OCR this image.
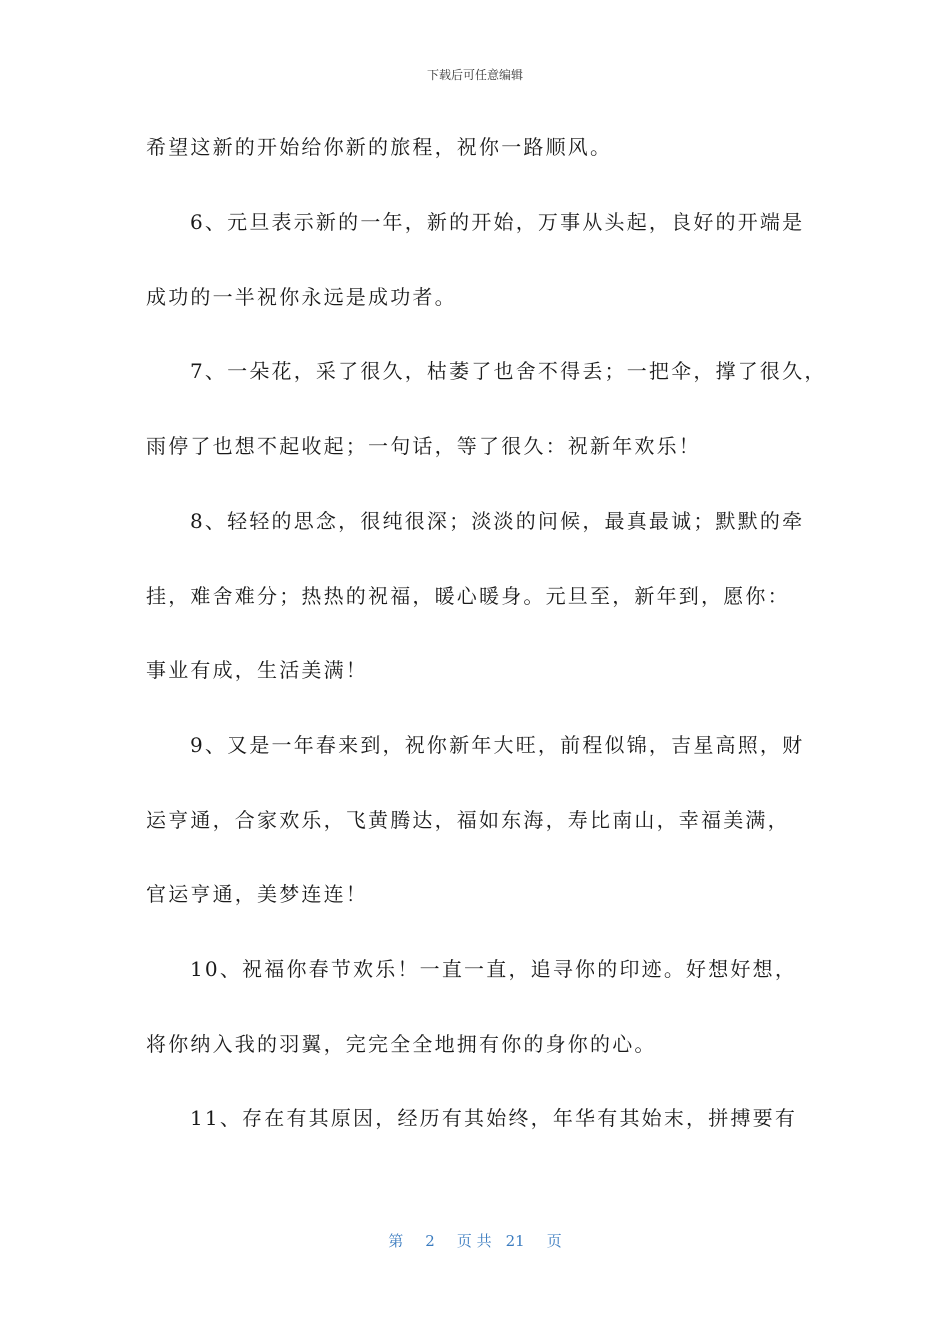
下载后可任意编辑
希望这新的开始给你新的旅程，祝你一路顺风。
6、元旦表示新的一年，新的开始，万事从头起，良好的开端是
成功的一半祝你永远是成功者。
7、一朵花，采了很久，枯萎了也舍不得丢；一把伞，撑了很久，
雨停了也想不起收起；一句话，等了很久：祝新年欢乐！
8、轻轻的思念，很纯很深；淡淡的问候，最真最诚；默默的牵
挂，难舍难分；热热的祝福，暖心暖身。元旦至，新年到，愿你：
事业有成，生活美满！
9、又是一年春来到，祝你新年大旺，前程似锦，吉星高照，财
运亨通，合家欢乐，飞黄腾达，福如东海，寿比南山，幸福美满，
官运亨通，美梦连连！
10、祝福你春节欢乐！一直一直，追寻你的印迹。好想好想，
将你纳入我的羽翼，完完全全地拥有你的身你的心。
11、存在有其原因，经历有其始终，年华有其始末，拼搏要有
第 2 页 共 21 页
